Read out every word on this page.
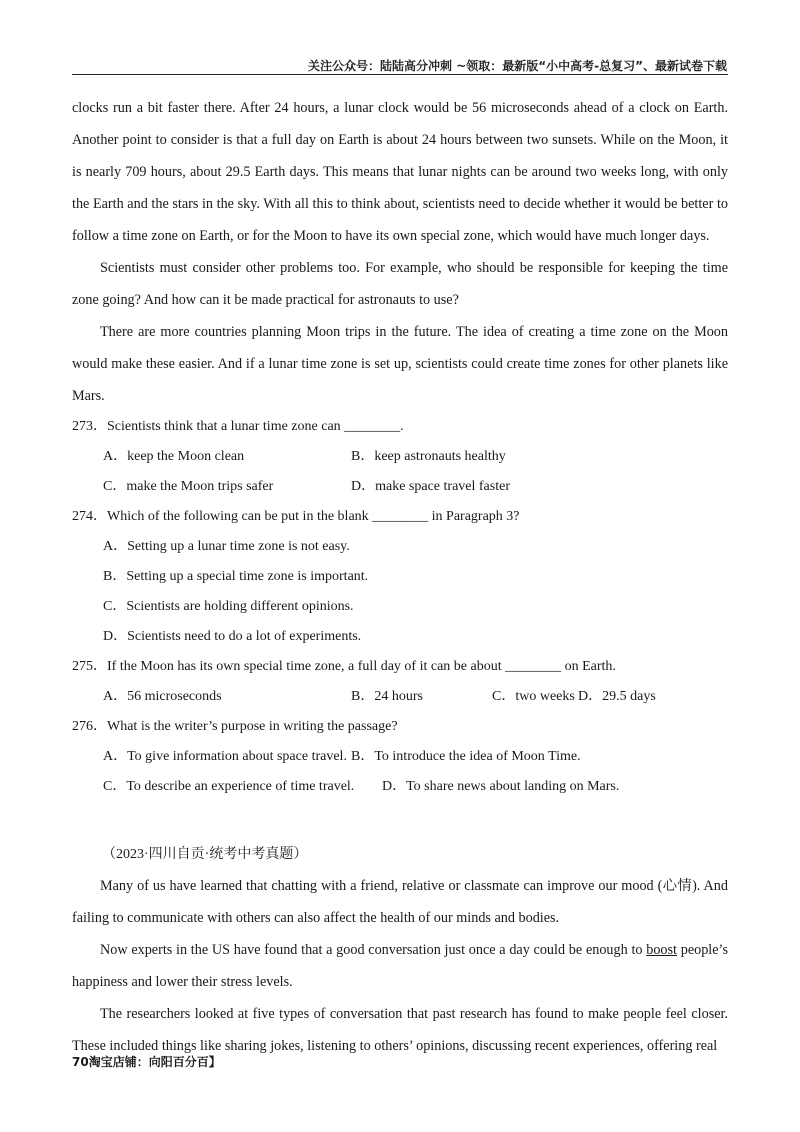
关注公众号：陆陆高分冲刺 ~领取：最新版“小中高考-总复习”、最新试卷下载

clocks run a bit faster there. After 24 hours, a lunar clock would be 56 microseconds ahead of a clock on Earth. Another point to consider is that a full day on Earth is about 24 hours between two sunsets. While on the Moon, it is nearly 709 hours, about 29.5 Earth days. This means that lunar nights can be around two weeks long, with only the Earth and the stars in the sky. With all this to think about, scientists need to decide whether it would be better to follow a time zone on Earth, or for the Moon to have its own special zone, which would have much longer days.

Scientists must consider other problems too. For example, who should be responsible for keeping the time zone going? And how can it be made practical for astronauts to use?

There are more countries planning Moon trips in the future. The idea of creating a time zone on the Moon would make these easier. And if a lunar time zone is set up, scientists could create time zones for other planets like Mars.

273．Scientists think that a lunar time zone can ________.

A．keep the Moon clean	B．keep astronauts healthy
C．make the Moon trips safer	D．make space travel faster

274．Which of the following can be put in the blank ________ in Paragraph 3?

A．Setting up a lunar time zone is not easy.

B．Setting up a special time zone is important.

C．Scientists are holding different opinions.

D．Scientists need to do a lot of experiments.

275．If the Moon has its own special time zone, a full day of it can be about ________ on Earth.

A．56 microseconds	B．24 hours	C．two weeks D．29.5 days

276．What is the writer’s purpose in writing the passage?

A．To give information about space travel. B．To introduce the idea of Moon Time.
C．To describe an experience of time travel. D．To share news about landing on Mars.
（2023·四川自贡·统考中考真题）

Many of us have learned that chatting with a friend, relative or classmate can improve our mood (心情). And failing to communicate with others can also affect the health of our minds and bodies.

Now experts in the US have found that a good conversation just once a day could be enough to boost people’s happiness and lower their stress levels.

The researchers looked at five types of conversation that past research has found to make people feel closer. These included things like sharing jokes, listening to others’ opinions, discussing recent experiences, offering real

70淘宝店铺：向阳百分百】
